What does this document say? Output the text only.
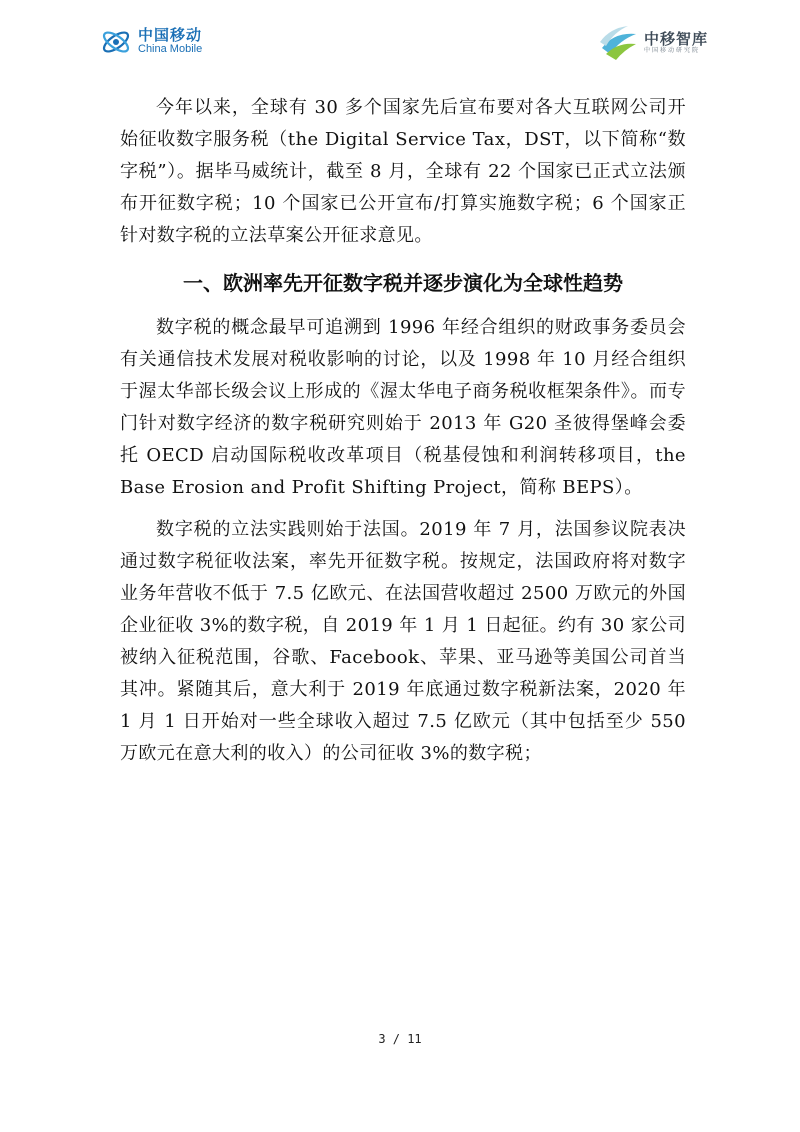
中国移动
China Mobile
中移智库
中国移动研究院

今年以来，全球有 30 多个国家先后宣布要对各大互联网公司开始征收数字服务税（the Digital Service Tax，DST，以下简称“数字税”）。据毕马威统计，截至 8 月，全球有 22 个国家已正式立法颁布开征数字税；10 个国家已公开宣布/打算实施数字税；6 个国家正针对数字税的立法草案公开征求意见。

一、欧洲率先开征数字税并逐步演化为全球性趋势

数字税的概念最早可追溯到 1996 年经合组织的财政事务委员会有关通信技术发展对税收影响的讨论，以及 1998 年 10 月经合组织于渥太华部长级会议上形成的《渥太华电子商务税收框架条件》。而专门针对数字经济的数字税研究则始于 2013 年 G20 圣彼得堡峰会委托 OECD 启动国际税收改革项目（税基侵蚀和利润转移项目，the Base Erosion and Profit Shifting Project，简称 BEPS）。

数字税的立法实践则始于法国。2019 年 7 月，法国参议院表决通过数字税征收法案，率先开征数字税。按规定，法国政府将对数字业务年营收不低于 7.5 亿欧元、在法国营收超过 2500 万欧元的外国企业征收 3%的数字税，自 2019 年 1 月 1 日起征。约有 30 家公司被纳入征税范围，谷歌、Facebook、苹果、亚马逊等美国公司首当其冲。紧随其后，意大利于 2019 年底通过数字税新法案，2020 年 1 月 1 日开始对一些全球收入超过 7.5 亿欧元（其中包括至少 550 万欧元在意大利的收入）的公司征收 3%的数字税；

3 / 11
